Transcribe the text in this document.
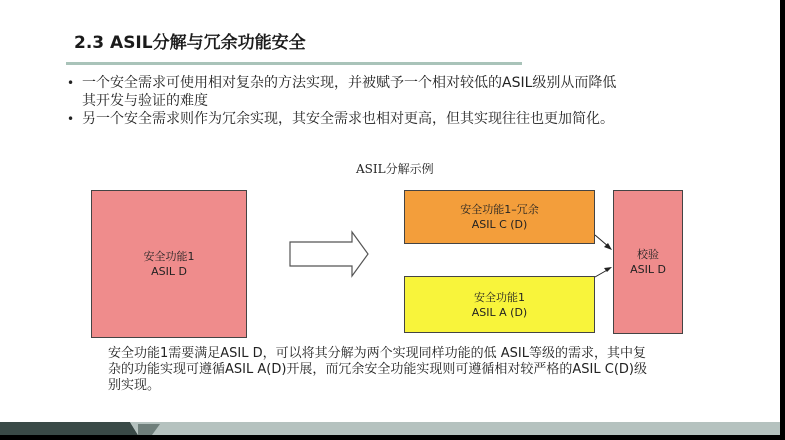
2.3 ASIL分解与冗余功能安全
• 一个安全需求可使用相对复杂的方法实现，并被赋予一个相对较低的ASIL级别从而降低
其开发与验证的难度
• 另一个安全需求则作为冗余实现，其安全需求也相对更高，但其实现往往也更加简化。
ASIL分解示例
安全功能1
ASIL D
安全功能1–冗余
ASIL C (D)
安全功能1
ASIL A (D)
校验
ASIL D
安全功能1需要满足ASIL D，可以将其分解为两个实现同样功能的低 ASIL等级的需求，其中复
杂的功能实现可遵循ASIL A(D)开展，而冗余安全功能实现则可遵循相对较严格的ASIL C(D)级
别实现。
